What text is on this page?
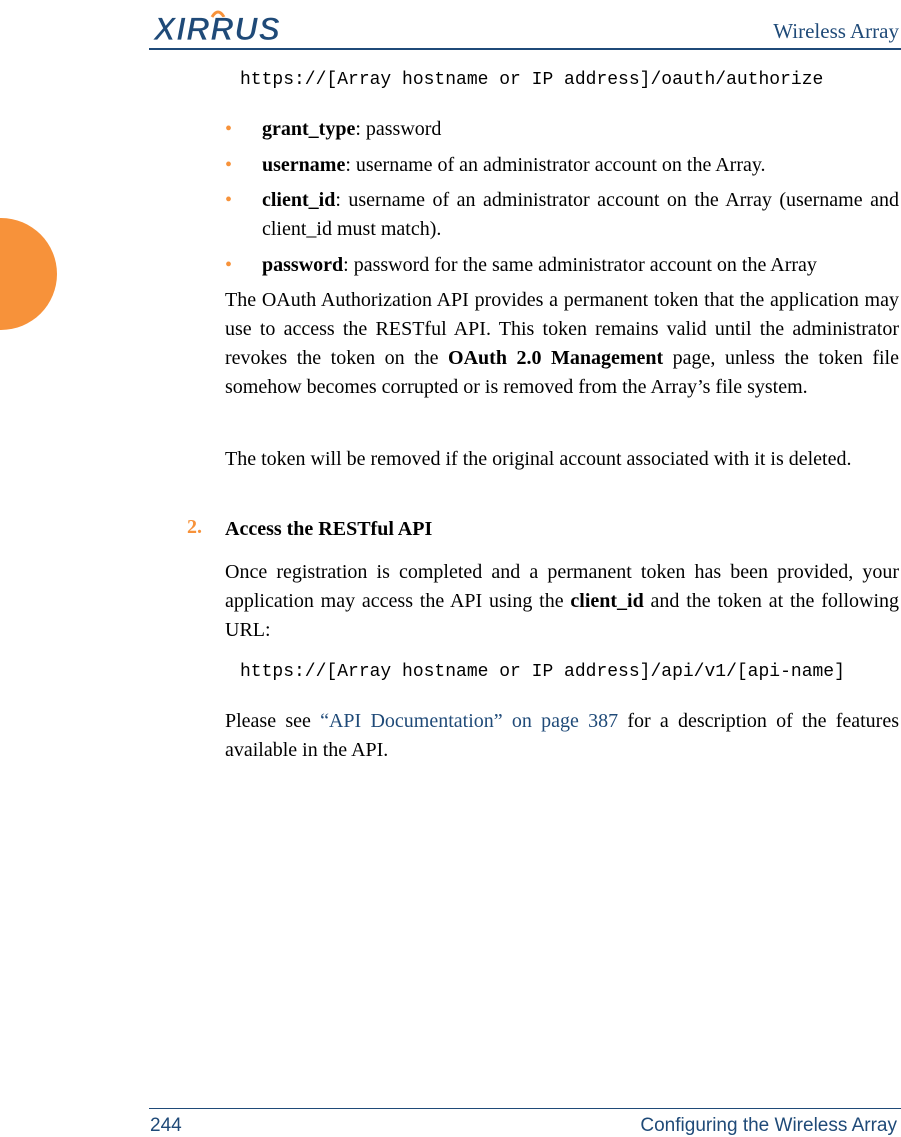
XIRRUS	Wireless Array
https://[Array hostname or IP address]/oauth/authorize
• grant_type: password
• username: username of an administrator account on the Array.
• client_id: username of an administrator account on the Array (username and client_id must match).
• password: password for the same administrator account on the Array
The OAuth Authorization API provides a permanent token that the application may use to access the RESTful API. This token remains valid until the administrator revokes the token on the OAuth 2.0 Management page, unless the token file somehow becomes corrupted or is removed from the Array’s file system.
The token will be removed if the original account associated with it is deleted.
2. Access the RESTful API
Once registration is completed and a permanent token has been provided, your application may access the API using the client_id and the token at the following URL:
https://[Array hostname or IP address]/api/v1/[api-name]
Please see “API Documentation” on page 387 for a description of the features available in the API.
244	Configuring the Wireless Array
